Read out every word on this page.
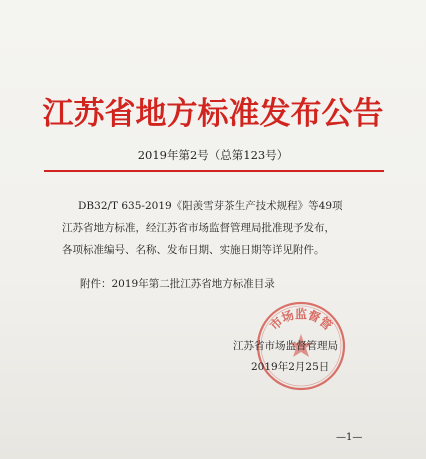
江苏省地方标准发布公告
2019年第2号（总第123号）
DB32/T 635-2019《阳羡雪芽茶生产技术规程》等49项
江苏省地方标准，经江苏省市场监督管理局批准现予发布，
各项标准编号、名称、发布日期、实施日期等详见附件。
附件：2019年第二批江苏省地方标准目录
市场监督管
江苏省市场监督管理局
2019年2月25日
—1—
